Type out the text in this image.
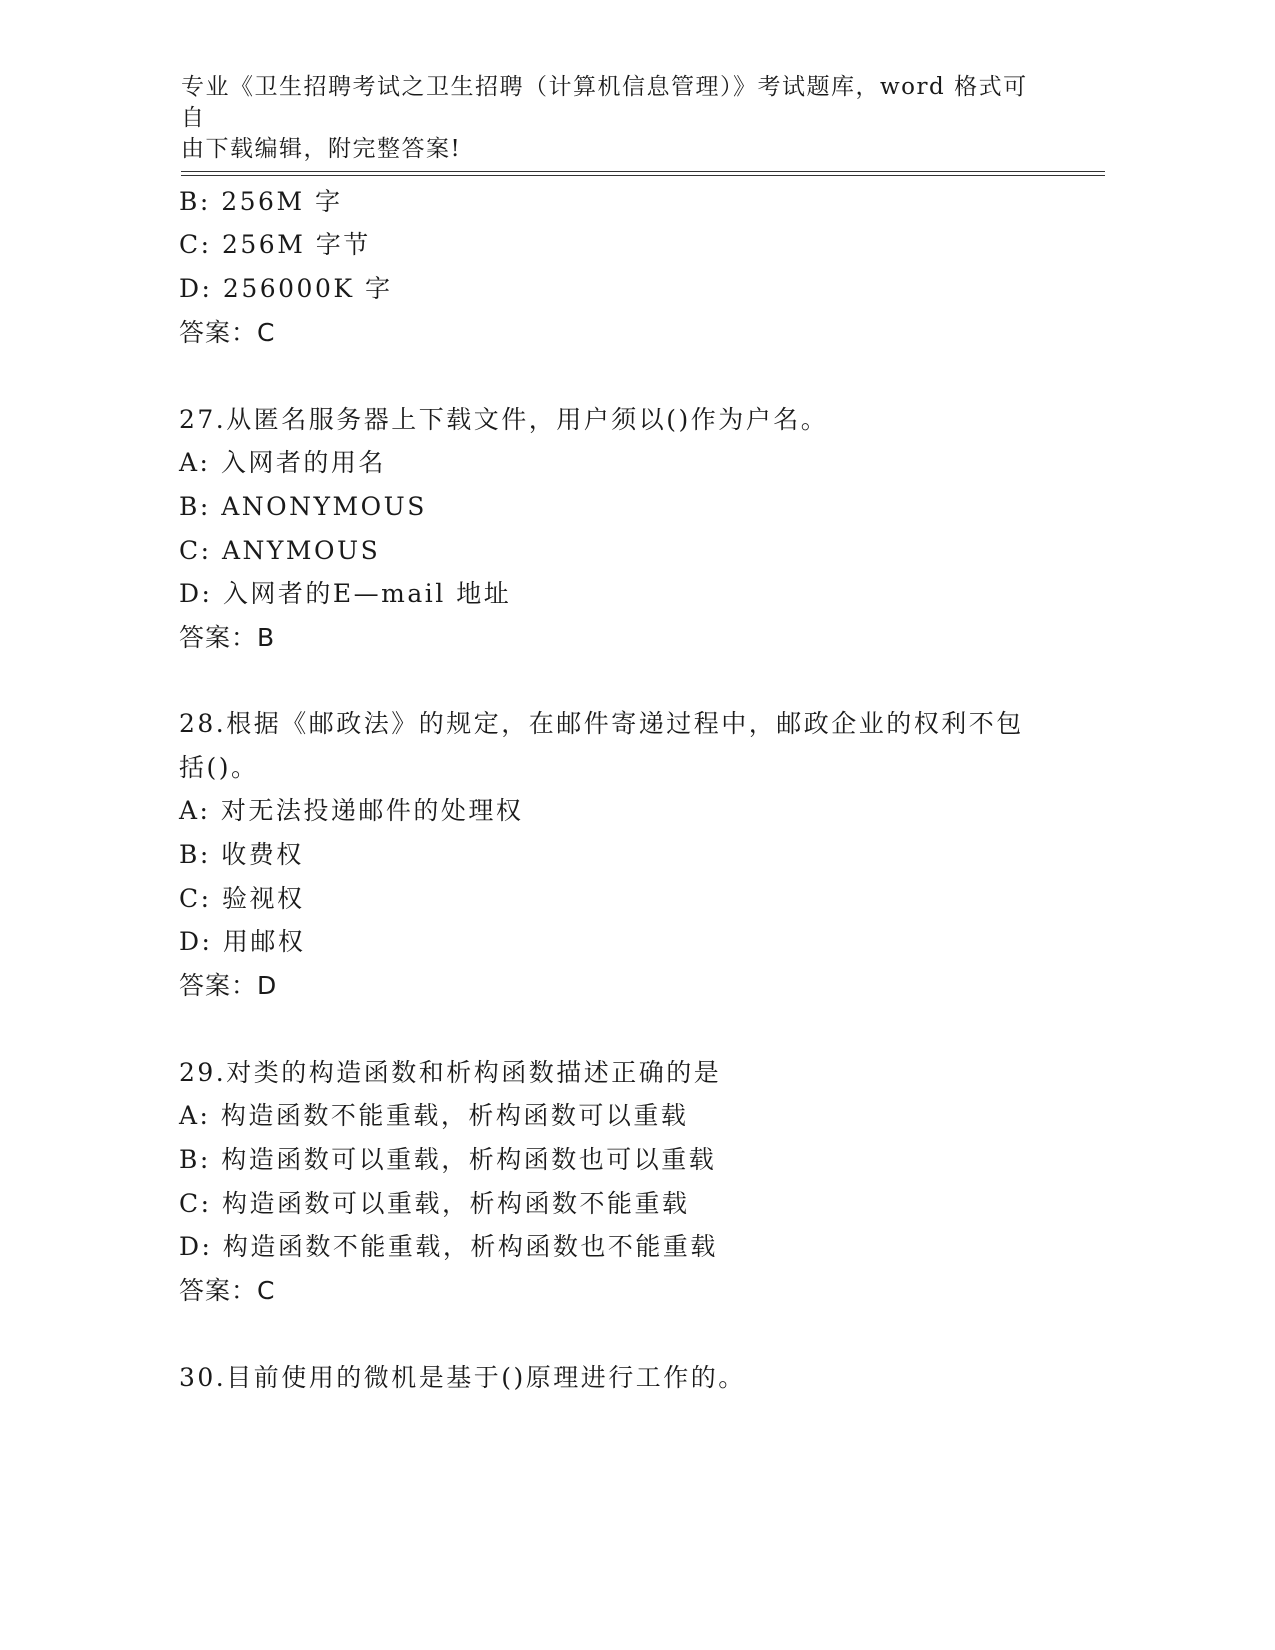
专业《卫生招聘考试之卫生招聘（计算机信息管理）》考试题库，word 格式可自
由下载编辑，附完整答案!
B: 256M 字
C: 256M 字节
D: 256000K 字
答案：C
27.从匿名服务器上下载文件，用户须以()作为户名。
A: 入网者的用名
B: ANONYMOUS
C: ANYMOUS
D: 入网者的E—mail 地址
答案：B
28.根据《邮政法》的规定，在邮件寄递过程中，邮政企业的权利不包
括()。
A: 对无法投递邮件的处理权
B: 收费权
C: 验视权
D: 用邮权
答案：D
29.对类的构造函数和析构函数描述正确的是
A: 构造函数不能重载，析构函数可以重载
B: 构造函数可以重载，析构函数也可以重载
C: 构造函数可以重载，析构函数不能重载
D: 构造函数不能重载，析构函数也不能重载
答案：C
30.目前使用的微机是基于()原理进行工作的。
